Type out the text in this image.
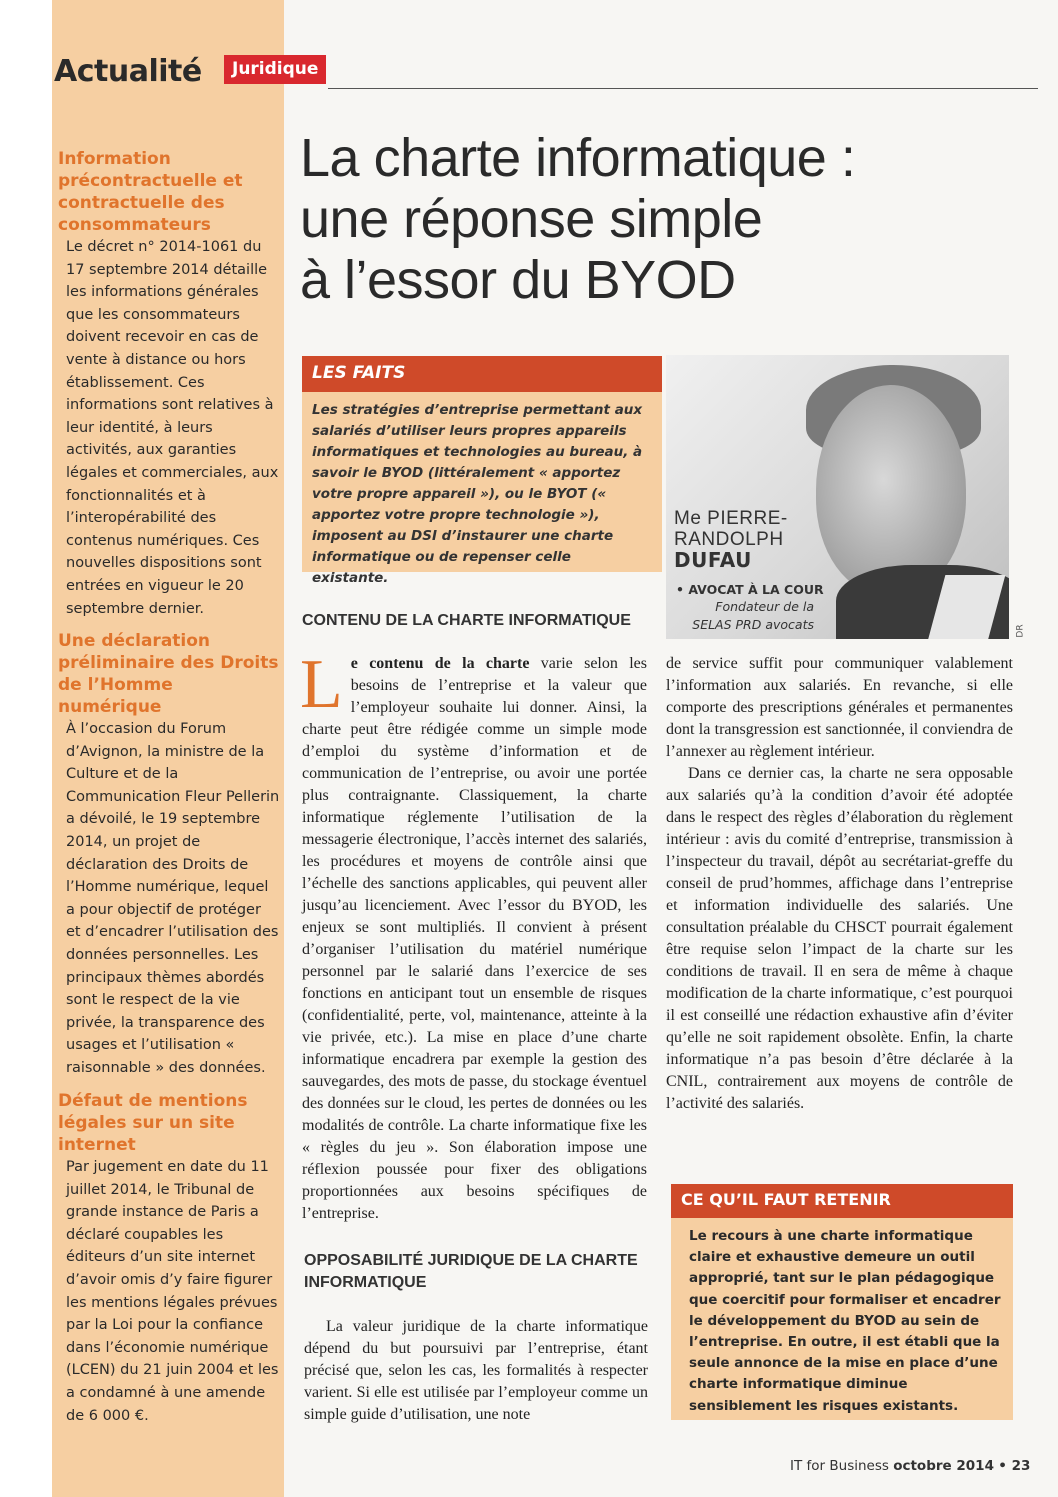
Actualité	Juridique
Information précontractuelle et contractuelle des consommateurs

Le décret n° 2014-1061 du 17 septembre 2014 détaille les informations générales que les consommateurs doivent recevoir en cas de vente à distance ou hors établissement. Ces informations sont relatives à leur identité, à leurs activités, aux garanties légales et commerciales, aux fonctionnalités et à l’interopérabilité des contenus numériques. Ces nouvelles dispositions sont entrées en vigueur le 20 septembre dernier.

Une déclaration préliminaire des Droits de l’Homme numérique

À l’occasion du Forum d’Avignon, la ministre de la Culture et de la Communication Fleur Pellerin a dévoilé, le 19 septembre 2014, un projet de déclaration des Droits de l’Homme numérique, lequel a pour objectif de protéger et d’encadrer l’utilisation des données personnelles. Les principaux thèmes abordés sont le respect de la vie privée, la transparence des usages et l’utilisation « raisonnable » des données.

Défaut de mentions légales sur un site internet

Par jugement en date du 11 juillet 2014, le Tribunal de grande instance de Paris a déclaré coupables les éditeurs d’un site internet d’avoir omis d’y faire figurer les mentions légales prévues par la Loi pour la confiance dans l’économie numérique (LCEN) du 21 juin 2004 et les a condamné à une amende de 6 000 €.

La charte informatique :
une réponse simple
à l’essor du BYOD
LES FAITS
Les stratégies d’entreprise permettant aux salariés d’utiliser leurs propres appareils informatiques et technologies au bureau, à savoir le BYOD (littéralement « apportez votre propre appareil »), ou le BYOT (« apportez votre propre technologie »), imposent au DSI d’instaurer une charte informatique ou de repenser celle existante.
Me PIERRE-
RANDOLPH
DUFAU
• AVOCAT À LA COUR
Fondateur de la
SELAS PRD avocats	DR
CONTENU DE LA CHARTE INFORMATIQUE

Le contenu de la charte varie selon les besoins de l’entreprise et la valeur que l’employeur souhaite lui donner. Ainsi, la charte peut être rédigée comme un simple mode d’emploi du système d’information et de communication de l’entreprise, ou avoir une portée plus contraignante. Classiquement, la charte informatique réglemente l’utilisation de la messagerie électronique, l’accès internet des salariés, les procédures et moyens de contrôle ainsi que l’échelle des sanctions applicables, qui peuvent aller jusqu’au licenciement. Avec l’essor du BYOD, les enjeux se sont multipliés. Il convient à présent d’organiser l’utilisation du matériel numérique personnel par le salarié dans l’exercice de ses fonctions en anticipant tout un ensemble de risques (confidentialité, perte, vol, maintenance, atteinte à la vie privée, etc.). La mise en place d’une charte informatique encadrera par exemple la gestion des sauvegardes, des mots de passe, du stockage éventuel des données sur le cloud, les pertes de données ou les modalités de contrôle. La charte informatique fixe les « règles du jeu ». Son élaboration impose une réflexion poussée pour fixer des obligations proportionnées aux besoins spécifiques de l’entreprise.

OPPOSABILITÉ JURIDIQUE DE LA CHARTE INFORMATIQUE

La valeur juridique de la charte informatique dépend du but poursuivi par l’entreprise, étant précisé que, selon les cas, les formalités à respecter varient. Si elle est utilisée par l’employeur comme un simple guide d’utilisation, une note

de service suffit pour communiquer valablement l’information aux salariés. En revanche, si elle comporte des prescriptions générales et permanentes dont la transgression est sanctionnée, il conviendra de l’annexer au règlement intérieur.

Dans ce dernier cas, la charte ne sera opposable aux salariés qu’à la condition d’avoir été adoptée dans le respect des règles d’élaboration du règlement intérieur : avis du comité d’entreprise, transmission à l’inspecteur du travail, dépôt au secrétariat-greffe du conseil de prud’hommes, affichage dans l’entreprise et information individuelle des salariés. Une consultation préalable du CHSCT pourrait également être requise selon l’impact de la charte sur les conditions de travail. Il en sera de même à chaque modification de la charte informatique, c’est pourquoi il est conseillé une rédaction exhaustive afin d’éviter qu’elle ne soit rapidement obsolète. Enfin, la charte informatique n’a pas besoin d’être déclarée à la CNIL, contrairement aux moyens de contrôle de l’activité des salariés.

CE QU’IL FAUT RETENIR
Le recours à une charte informatique claire et exhaustive demeure un outil approprié, tant sur le plan pédagogique que coercitif pour formaliser et encadrer le développement du BYOD au sein de l’entreprise. En outre, il est établi que la seule annonce de la mise en place d’une charte informatique diminue sensiblement les risques existants.
IT for Business octobre 2014 • 23
